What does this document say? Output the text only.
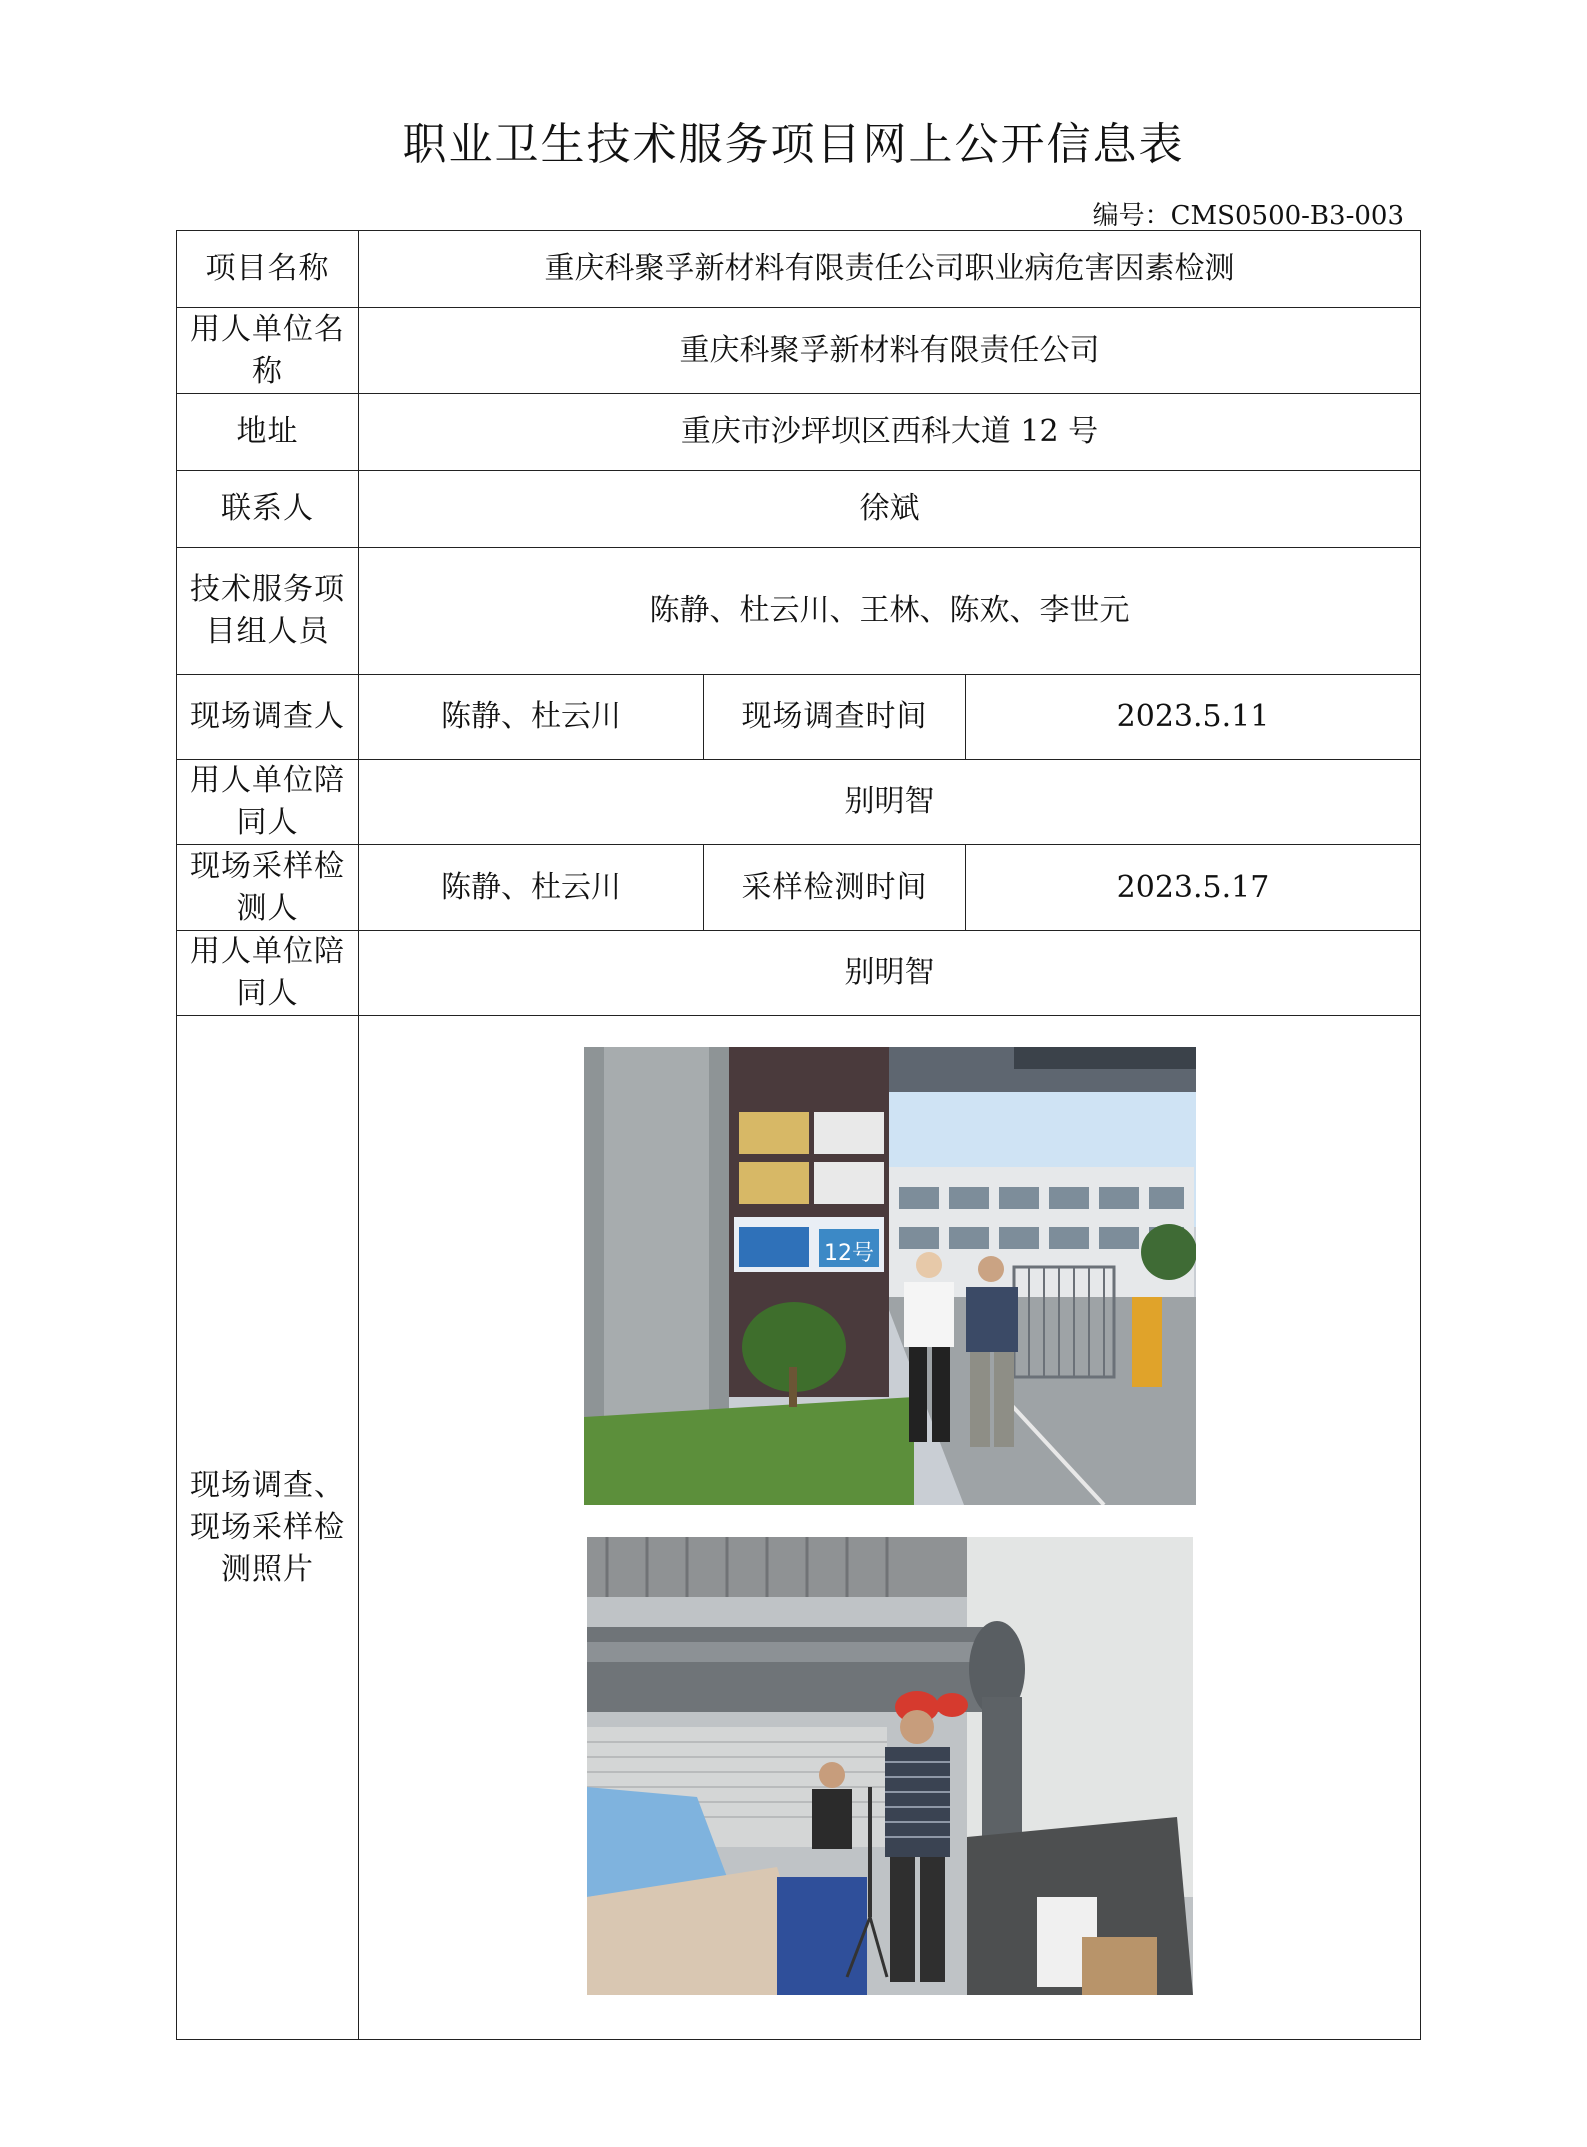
职业卫生技术服务项目网上公开信息表
编号：CMS0500-B3-003
项目名称	重庆科聚孚新材料有限责任公司职业病危害因素检测		
用人单位名称	重庆科聚孚新材料有限责任公司		
地址	重庆市沙坪坝区西科大道 12 号		
联系人	徐斌		
技术服务项目组人员	陈静、杜云川、王林、陈欢、李世元		
现场调查人	陈静、杜云川	现场调查时间	2023.5.11
用人单位陪同人	别明智		
现场采样检测人	陈静、杜云川	采样检测时间	2023.5.17
用人单位陪同人	别明智		
现场调查、现场采样检测照片			
12号
